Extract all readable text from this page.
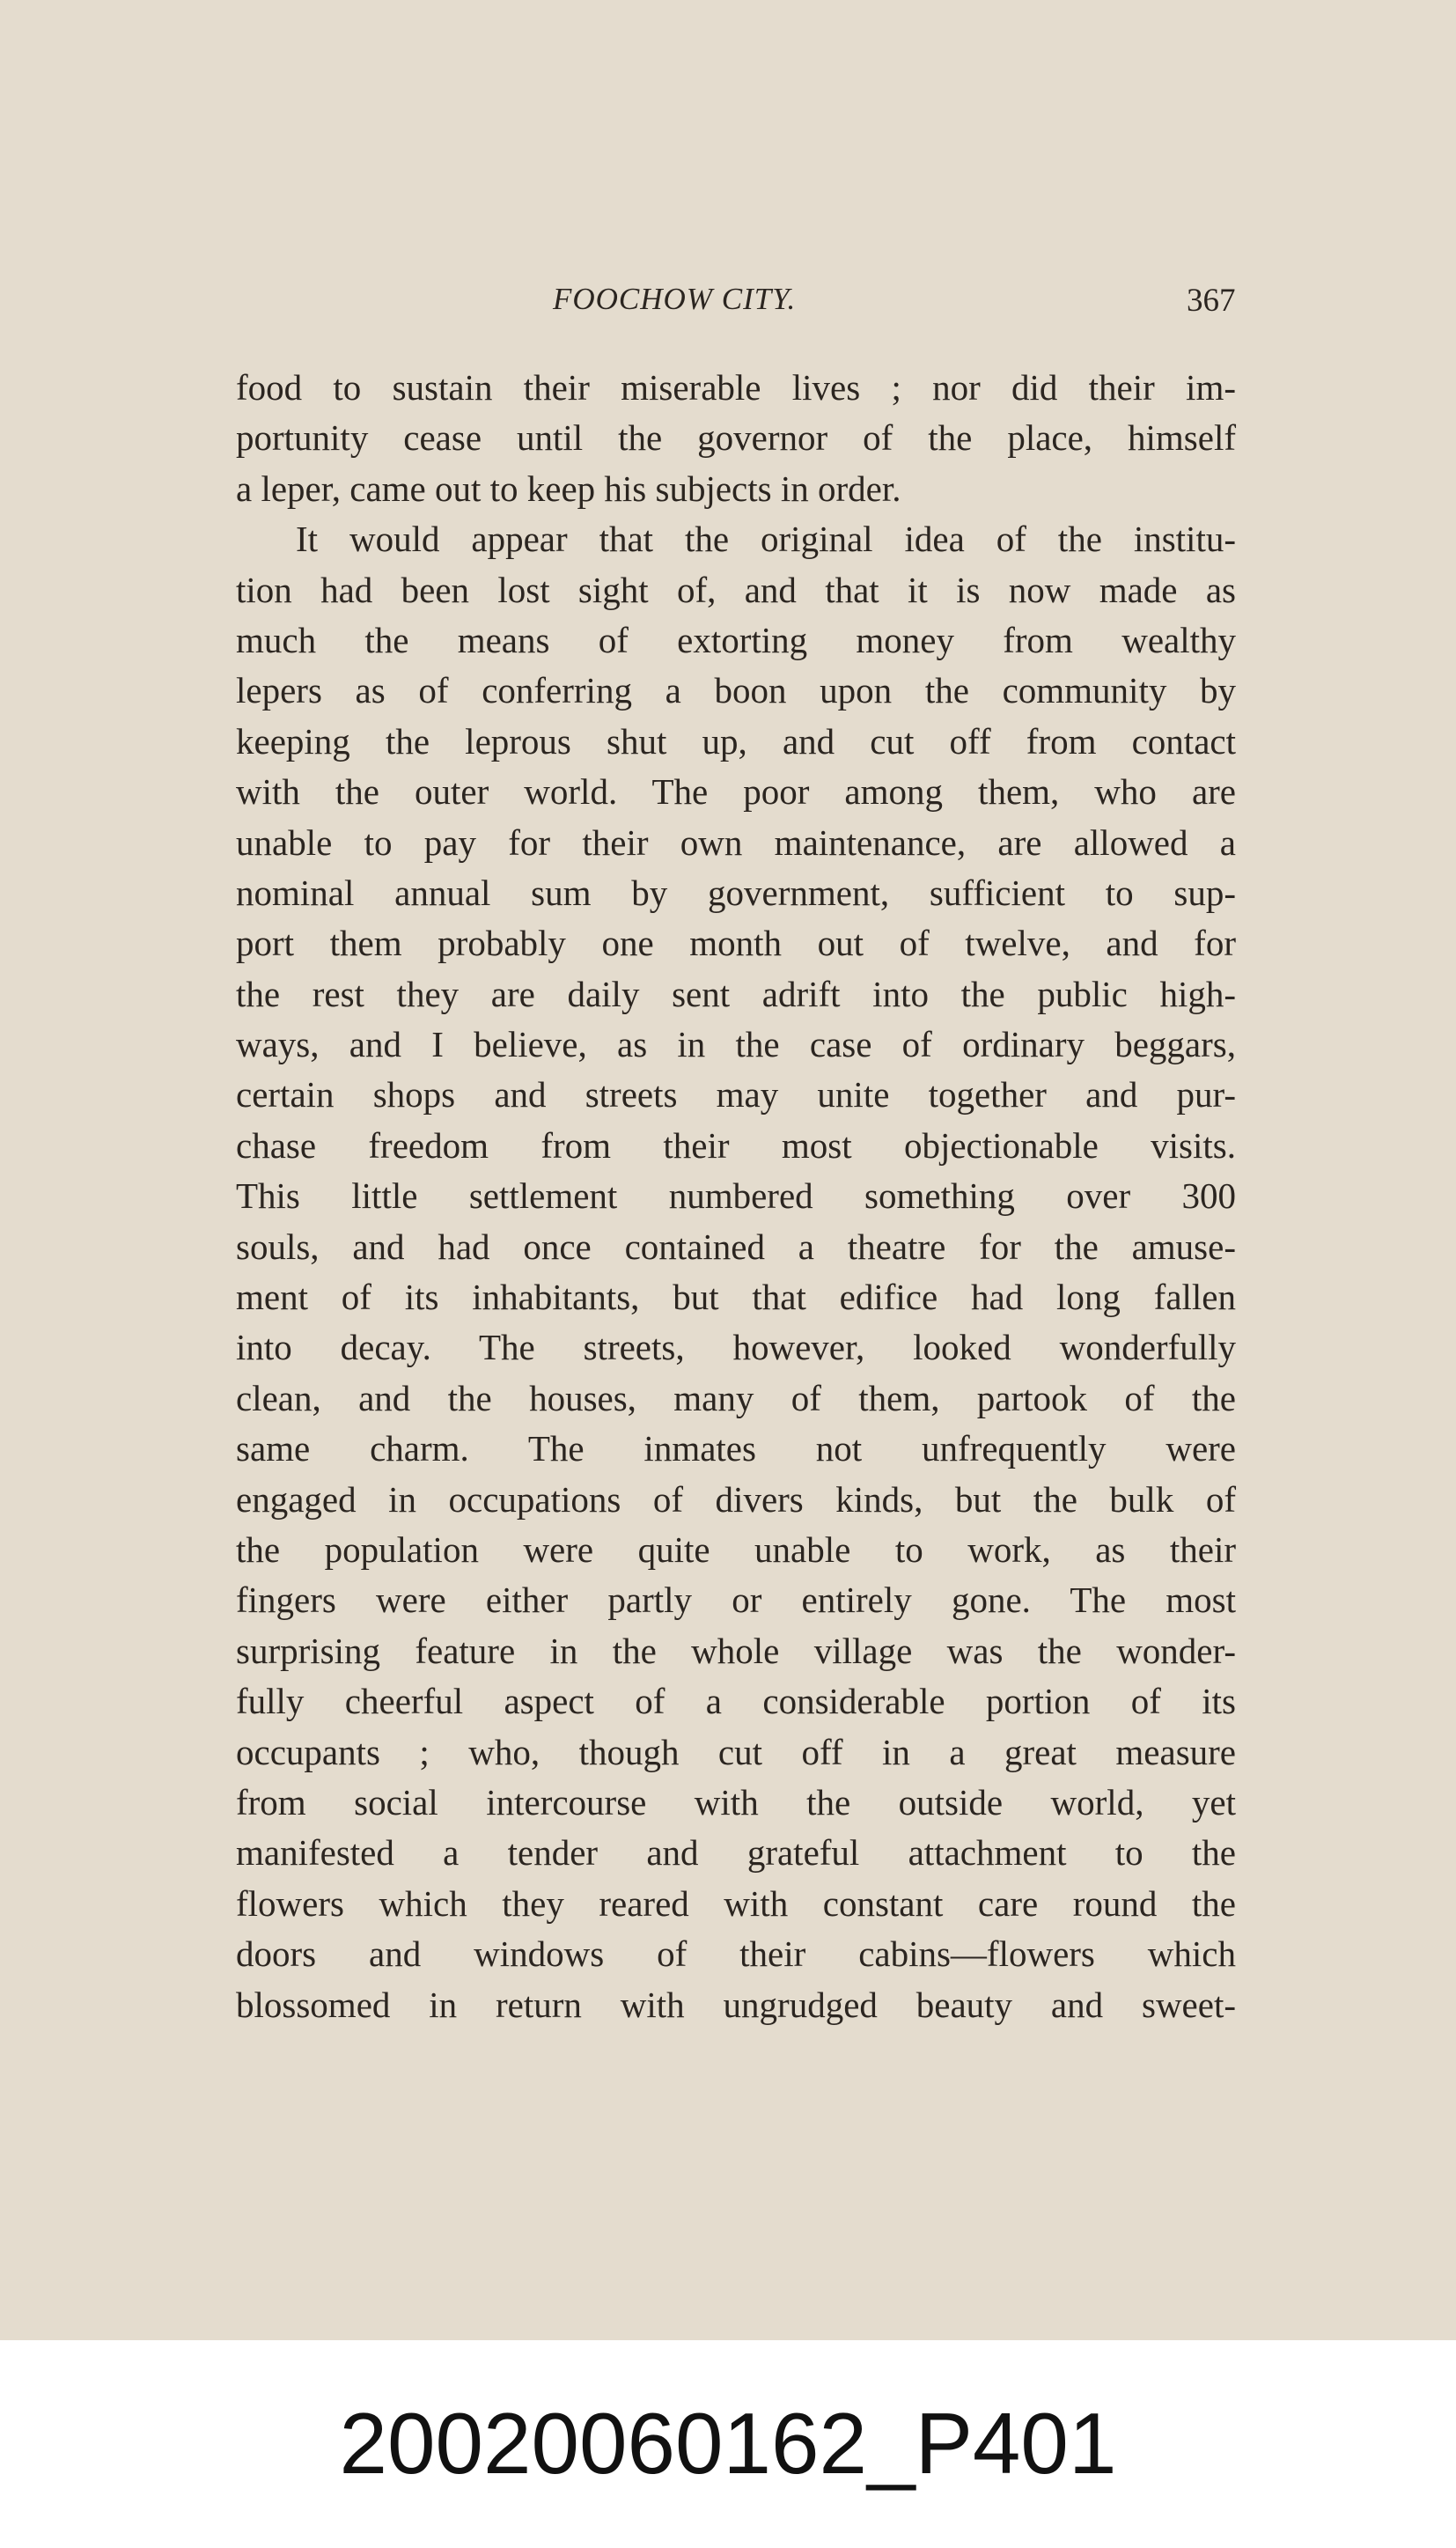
FOOCHOW CITY.	367
food to sustain their miserable lives ; nor did their im-
portunity cease until the governor of the place, himself
a leper, came out to keep his subjects in order.
It would appear that the original idea of the institu-
tion had been lost sight of, and that it is now made as
much the means of extorting money from wealthy
lepers as of conferring a boon upon the community by
keeping the leprous shut up, and cut off from contact
with the outer world. The poor among them, who are
unable to pay for their own maintenance, are allowed a
nominal annual sum by government, sufficient to sup-
port them probably one month out of twelve, and for
the rest they are daily sent adrift into the public high-
ways, and I believe, as in the case of ordinary beggars,
certain shops and streets may unite together and pur-
chase freedom from their most objectionable visits.
This little settlement numbered something over 300
souls, and had once contained a theatre for the amuse-
ment of its inhabitants, but that edifice had long fallen
into decay. The streets, however, looked wonderfully
clean, and the houses, many of them, partook of the
same charm. The inmates not unfrequently were
engaged in occupations of divers kinds, but the bulk of
the population were quite unable to work, as their
fingers were either partly or entirely gone. The most
surprising feature in the whole village was the wonder-
fully cheerful aspect of a considerable portion of its
occupants ; who, though cut off in a great measure
from social intercourse with the outside world, yet
manifested a tender and grateful attachment to the
flowers which they reared with constant care round the
doors and windows of their cabins—flowers which
blossomed in return with ungrudged beauty and sweet-
20020060162_P401
